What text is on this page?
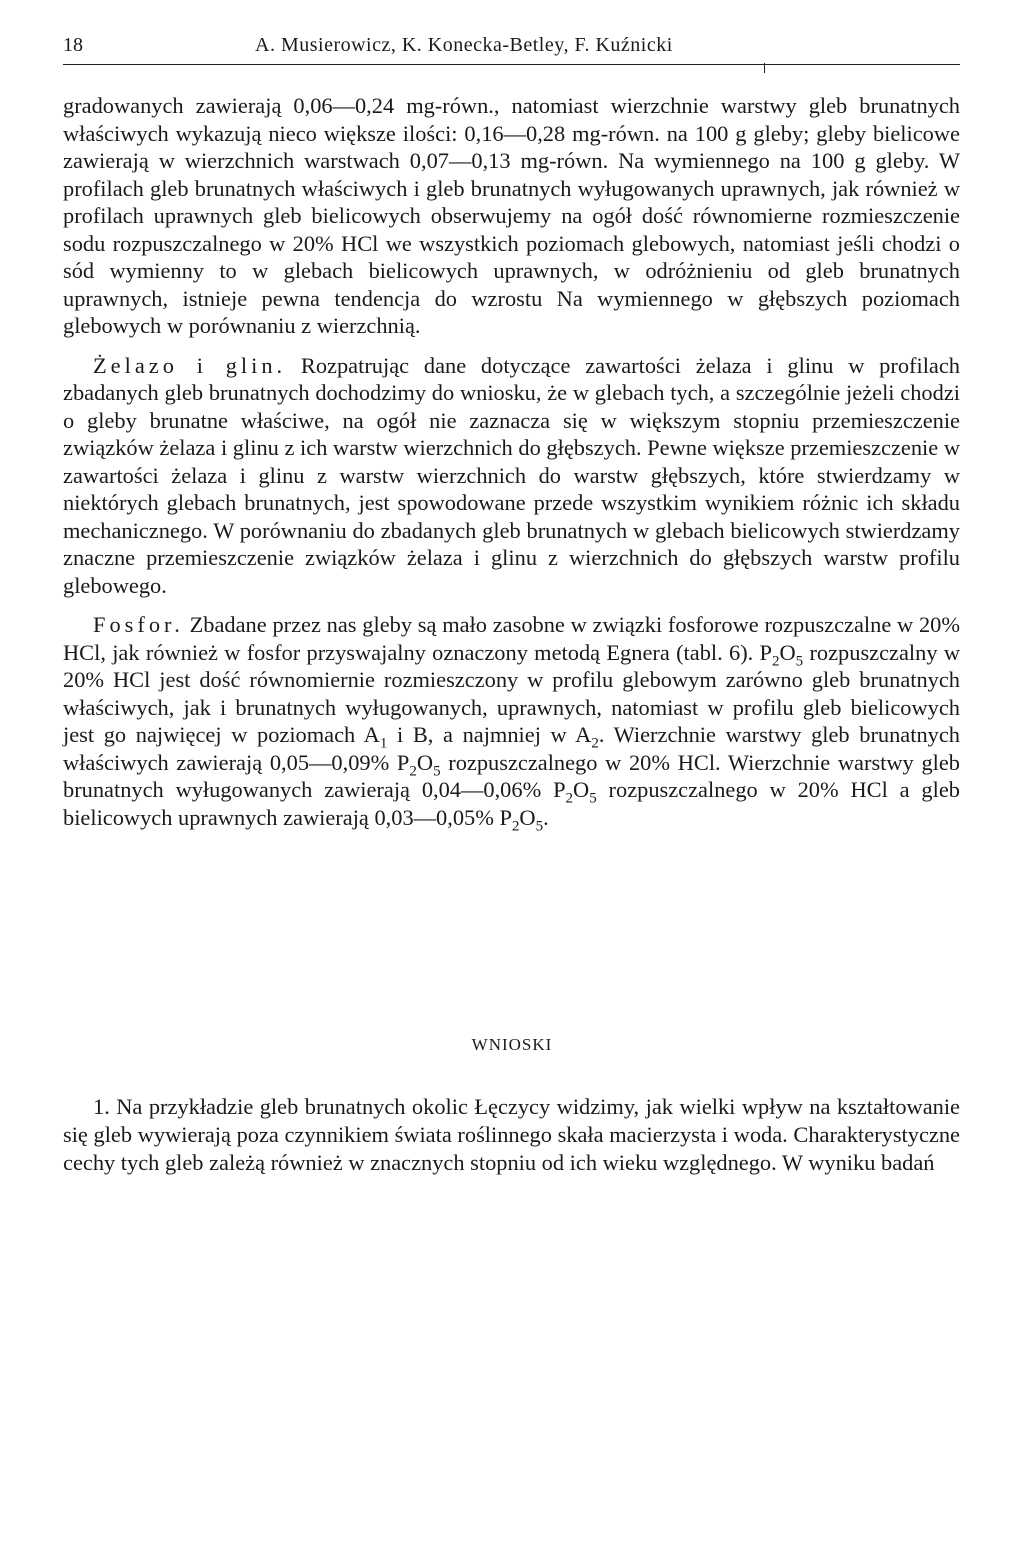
18	A. Musierowicz, K. Konecka-Betley, F. Kuźnicki

gradowanych zawierają 0,06—0,24 mg-równ., natomiast wierzchnie warstwy gleb brunatnych właściwych wykazują nieco większe ilości: 0,16—0,28 mg-równ. na 100 g gleby; gleby bielicowe zawierają w wierzchnich warstwach 0,07—0,13 mg-równ. Na wymiennego na 100 g gleby. W profilach gleb brunatnych właściwych i gleb brunatnych wyługowanych uprawnych, jak również w profilach uprawnych gleb bielicowych obserwujemy na ogół dość równomierne rozmieszczenie sodu rozpuszczalnego w 20% HCl we wszystkich poziomach glebowych, natomiast jeśli chodzi o sód wymienny to w glebach bielicowych uprawnych, w odróżnieniu od gleb brunatnych uprawnych, istnieje pewna tendencja do wzrostu Na wymiennego w głębszych poziomach glebowych w porównaniu z wierzchnią.

Żelazo i glin. Rozpatrując dane dotyczące zawartości żelaza i glinu w profilach zbadanych gleb brunatnych dochodzimy do wniosku, że w glebach tych, a szczególnie jeżeli chodzi o gleby brunatne właściwe, na ogół nie zaznacza się w większym stopniu przemieszczenie związków żelaza i glinu z ich warstw wierzchnich do głębszych. Pewne większe przemieszczenie w zawartości żelaza i glinu z warstw wierzchnich do warstw głębszych, które stwierdzamy w niektórych glebach brunatnych, jest spowodowane przede wszystkim wynikiem różnic ich składu mechanicznego. W porównaniu do zbadanych gleb brunatnych w glebach bielicowych stwierdzamy znaczne przemieszczenie związków żelaza i glinu z wierzchnich do głębszych warstw profilu glebowego.

Fosfor. Zbadane przez nas gleby są mało zasobne w związki fosforowe rozpuszczalne w 20% HCl, jak również w fosfor przyswajalny oznaczony metodą Egnera (tabl. 6). $P_2O_5$ rozpuszczalny w 20% HCl jest dość równomiernie rozmieszczony w profilu glebowym zarówno gleb brunatnych właściwych, jak i brunatnych wyługowanych, uprawnych, natomiast w profilu gleb bielicowych jest go najwięcej w poziomach $A_1$ i B, a najmniej w $A_2$. Wierzchnie warstwy gleb brunatnych właściwych zawierają 0,05—0,09% $P_2O_5$ rozpuszczalnego w 20% HCl. Wierzchnie warstwy gleb brunatnych wyługowanych zawierają 0,04—0,06% $P_2O_5$ rozpuszczalnego w 20% HCl a gleb bielicowych uprawnych zawierają 0,03—0,05% $P_2O_5$.

WNIOSKI

1. Na przykładzie gleb brunatnych okolic Łęczycy widzimy, jak wielki wpływ na kształtowanie się gleb wywierają poza czynnikiem świata roślinnego skała macierzysta i woda. Charakterystyczne cechy tych gleb zależą również w znacznych stopniu od ich wieku względnego. W wyniku badań
